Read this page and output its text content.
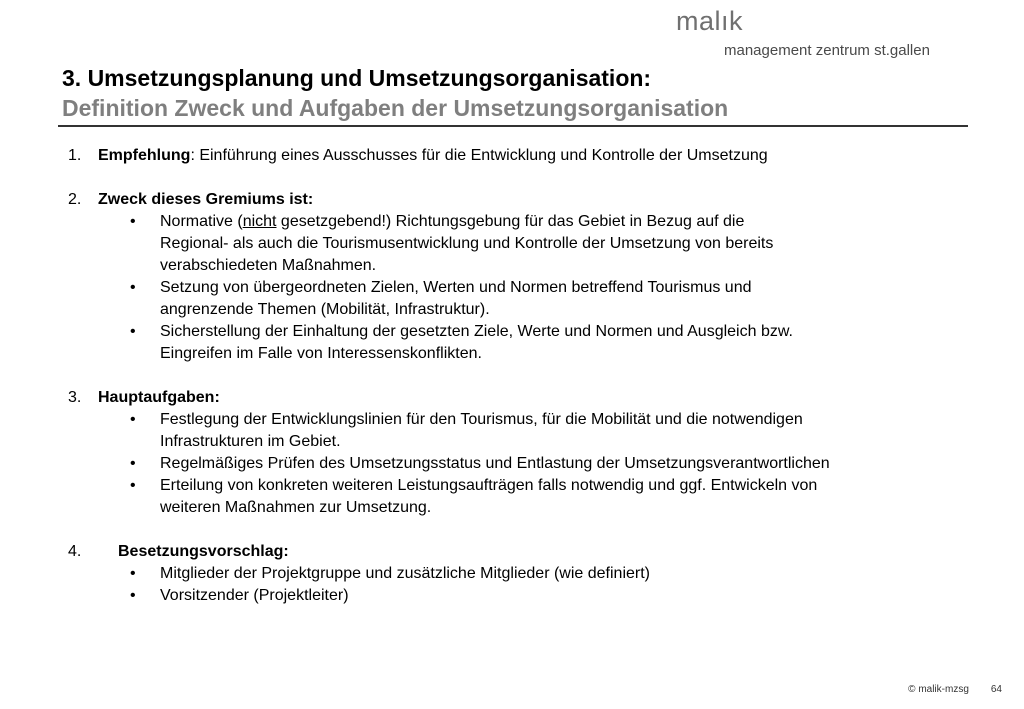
malık
management zentrum st.gallen
3. Umsetzungsplanung und Umsetzungsorganisation:
Definition Zweck und Aufgaben der Umsetzungsorganisation
1.	Empfehlung: Einführung eines Ausschusses für die Entwicklung und Kontrolle der Umsetzung
2.	Zweck dieses Gremiums ist:
•	Normative (nicht gesetzgebend!) Richtungsgebung für das Gebiet in Bezug auf die
Regional- als auch die Tourismusentwicklung und Kontrolle der Umsetzung von bereits
verabschiedeten Maßnahmen.
•	Setzung von übergeordneten Zielen, Werten und Normen betreffend Tourismus und
angrenzende Themen (Mobilität, Infrastruktur).
•	Sicherstellung der Einhaltung der gesetzten Ziele, Werte und Normen und Ausgleich bzw.
Eingreifen im Falle von Interessenskonflikten.
3.	Hauptaufgaben:
•	Festlegung der Entwicklungslinien für den Tourismus, für die Mobilität und die notwendigen
Infrastrukturen im Gebiet.
•	Regelmäßiges Prüfen des Umsetzungsstatus und Entlastung der Umsetzungsverantwortlichen
•	Erteilung von konkreten weiteren Leistungsaufträgen falls notwendig und ggf. Entwickeln von
weiteren Maßnahmen zur Umsetzung.
4.	Besetzungsvorschlag:
•	Mitglieder der Projektgruppe und zusätzliche Mitglieder (wie definiert)
•	Vorsitzender (Projektleiter)
© malik-mzsg 64
